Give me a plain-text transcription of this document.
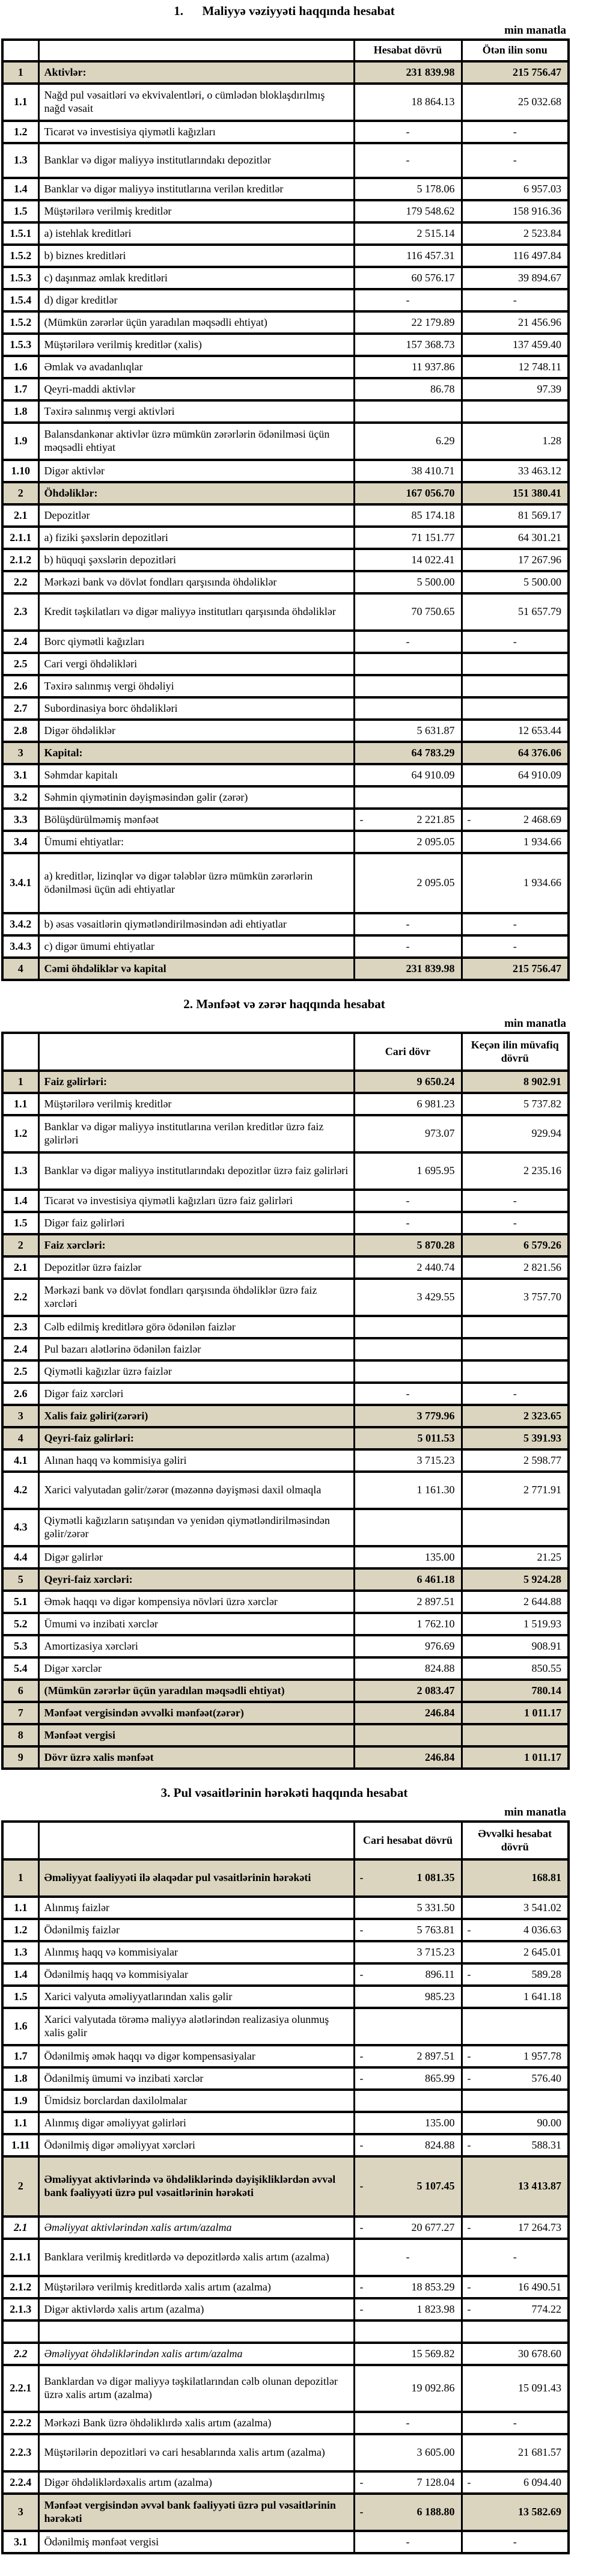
1.      Maliyyə vəziyyəti haqqında hesabat
min manatla
		Hesabat dövrü	Ötən ilin sonu
1	Aktivlər:	231 839.98	215 756.47
1.1	Nağd pul vəsaitləri və ekvivalentləri, o cümlədən bloklaşdırılmış nağd vəsait	18 864.13	25 032.68
1.2	Ticarət və investisiya qiymətli kağızları	-	-
1.3	Banklar və digər maliyyə institutlarındakı depozitlər	-	-
1.4	Banklar və digər maliyyə institutlarına verilən kreditlər	5 178.06	6 957.03
1.5	Müştərilərə verilmiş kreditlər	179 548.62	158 916.36
1.5.1	a) istehlak kreditləri	2 515.14	2 523.84
1.5.2	b) biznes kreditləri	116 457.31	116 497.84
1.5.3	c) daşınmaz əmlak kreditləri	60 576.17	39 894.67
1.5.4	d) digər kreditlər	-	-
1.5.2	(Mümkün zərərlər üçün yaradılan məqsədli ehtiyat)	22 179.89	21 456.96
1.5.3	Müştərilərə verilmiş kreditlər (xalis)	157 368.73	137 459.40
1.6	Əmlak və avadanlıqlar	11 937.86	12 748.11
1.7	Qeyri-maddi aktivlər	86.78	97.39
1.8	Təxirə salınmış vergi aktivləri		
1.9	Balansdankənar aktivlər üzrə mümkün zərərlərin ödənilməsi üçün məqsədli ehtiyat	6.29	1.28
1.10	Digər aktivlər	38 410.71	33 463.12
2	Öhdəliklər:	167 056.70	151 380.41
2.1	Depozitlər	85 174.18	81 569.17
2.1.1	a) fiziki şəxslərin depozitləri	71 151.77	64 301.21
2.1.2	b) hüquqi şəxslərin depozitləri	14 022.41	17 267.96
2.2	Mərkəzi bank və dövlət fondları qarşısında öhdəliklər	5 500.00	5 500.00
2.3	Kredit təşkilatları və digər maliyyə institutları qarşısında öhdəliklər	70 750.65	51 657.79
2.4	Borc qiymətli kağızları	-	-
2.5	Cari vergi öhdəlikləri		
2.6	Təxirə salınmış vergi öhdəliyi		
2.7	Subordinasiya borc öhdəlikləri		
2.8	Digər öhdəliklər	5 631.87	12 653.44
3	Kapital:	64 783.29	64 376.06
3.1	Səhmdar kapitalı	64 910.09	64 910.09
3.2	Səhmin qiymətinin dəyişməsindən gəlir (zərər)		
3.3	Bölüşdürülməmiş mənfəət	- 2 221.85	- 2 468.69
3.4	Ümumi ehtiyatlar:	2 095.05	1 934.66
3.4.1	a) kreditlər, lizinqlər və digər tələblər üzrə mümkün zərərlərin ödənilməsi üçün adi ehtiyatlar	2 095.05	1 934.66
3.4.2	b) əsas vəsaitlərin qiymətləndirilməsindən adi ehtiyatlar	-	-
3.4.3	c) digər ümumi ehtiyatlar	-	-
4	Cəmi öhdəliklər və kapital	231 839.98	215 756.47
2. Mənfəət və zərər haqqında hesabat
min manatla
		Cari dövr	Keçən ilin müvafiq dövrü
1	Faiz gəlirləri:	9 650.24	8 902.91
1.1	Müştərilərə verilmiş kreditlər	6 981.23	5 737.82
1.2	Banklar və digər maliyyə institutlarına verilən kreditlər üzrə faiz gəlirləri	973.07	929.94
1.3	Banklar və digər maliyyə institutlarındakı depozitlər üzrə faiz gəlirləri	1 695.95	2 235.16
1.4	Ticarət və investisiya qiymətli kağızları üzrə faiz gəlirləri	-	-
1.5	Digər faiz gəlirləri	-	-
2	Faiz xərcləri:	5 870.28	6 579.26
2.1	Depozitlər üzrə faizlər	2 440.74	2 821.56
2.2	Mərkəzi bank və dövlət fondları qarşısında öhdəliklər üzrə faiz xərcləri	3 429.55	3 757.70
2.3	Cəlb edilmiş kreditlərə görə ödənilən faizlər		
2.4	Pul bazarı alətlərinə ödənilən faizlər		
2.5	Qiymətli kağızlar üzrə faizlər		
2.6	Digər faiz xərcləri	-	-
3	Xalis faiz gəliri(zərəri)	3 779.96	2 323.65
4	Qeyri-faiz gəlirləri:	5 011.53	5 391.93
4.1	Alınan haqq və kommisiya gəliri	3 715.23	2 598.77
4.2	Xarici valyutadan gəlir/zərər (məzənnə dəyişməsi daxil olmaqla	1 161.30	2 771.91
4.3	Qiymətli kağızların satışından və yenidən qiymətləndirilməsindən gəlir/zərər		
4.4	Digər gəlirlər	135.00	21.25
5	Qeyri-faiz xərcləri:	6 461.18	5 924.28
5.1	Əmək haqqı və digər kompensiya növləri üzrə xərclər	2 897.51	2 644.88
5.2	Ümumi və inzibati xərclər	1 762.10	1 519.93
5.3	Amortizasiya xərcləri	976.69	908.91
5.4	Digər xərclər	824.88	850.55
6	(Mümkün zərərlər üçün yaradılan məqsədli ehtiyat)	2 083.47	780.14
7	Mənfəət vergisindən əvvəlki mənfəət(zərər)	246.84	1 011.17
8	Mənfəət vergisi		
9	Dövr üzrə xalis mənfəət	246.84	1 011.17
3. Pul vəsaitlərinin hərəkəti haqqında hesabat
min manatla
		Cari hesabat dövrü	Əvvəlki hesabat dövrü
1	Əməliyyat fəaliyyəti ilə əlaqədar pul vəsaitlərinin hərəkəti	- 1 081.35	168.81
1.1	Alınmış faizlər	5 331.50	3 541.02
1.2	Ödənilmiş faizlər	- 5 763.81	- 4 036.63
1.3	Alınmış haqq və kommisiyalar	3 715.23	2 645.01
1.4	Ödənilmiş haqq və kommisiyalar	- 896.11	- 589.28
1.5	Xarici valyuta əməliyyatlarından xalis gəlir	985.23	1 641.18
1.6	Xarici valyutada törəmə maliyyə alətlərindən realizasiya olunmuş xalis gəlir		
1.7	Ödənilmiş əmək haqqı və digər kompensasiyalar	- 2 897.51	- 1 957.78
1.8	Ödənilmiş ümumi və inzibati xərclər	- 865.99	- 576.40
1.9	Ümidsiz borclardan daxilolmalar		
1.1	Alınmış digər əməliyyat gəlirləri	135.00	90.00
1.11	Ödənilmiş digər əməliyyat xərcləri	- 824.88	- 588.31
2	Əməliyyat aktivlərində və öhdəliklərində dəyişikliklərdən əvvəl bank fəaliyyəti üzrə pul vəsaitlərinin hərəkəti	- 5 107.45	13 413.87
2.1	Əməliyyat aktivlərindən xalis artım/azalma	- 20 677.27	- 17 264.73
2.1.1	Banklara verilmiş kreditlərdə və depozitlərdə xalis artım (azalma)	-	-
2.1.2	Müştərilərə verilmiş kreditlərdə xalis artım (azalma)	- 18 853.29	- 16 490.51
2.1.3	Digər aktivlərdə xalis artım (azalma)	- 1 823.98	- 774.22

2.2	Əməliyyat öhdəliklərindən xalis artım/azalma	15 569.82	30 678.60
2.2.1	Banklardan və digər maliyyə təşkilatlarından cəlb olunan depozitlər üzrə xalis artım (azalma)	19 092.86	15 091.43
2.2.2	Mərkəzi Bank üzrə öhdəliklırdə xalis artım (azalma)	-	-
2.2.3	Müştərilərin depozitləri və cari hesablarında xalis artım (azalma)	3 605.00	21 681.57
2.2.4	Digər öhdəliklərdəxalis artım (azalma)	- 7 128.04	- 6 094.40
3	Mənfəət vergisindən əvvəl bank fəaliyyəti üzrə pul vəsaitlərinin hərəkəti	- 6 188.80	13 582.69
3.1	Ödənilmiş mənfəət vergisi	-	-
